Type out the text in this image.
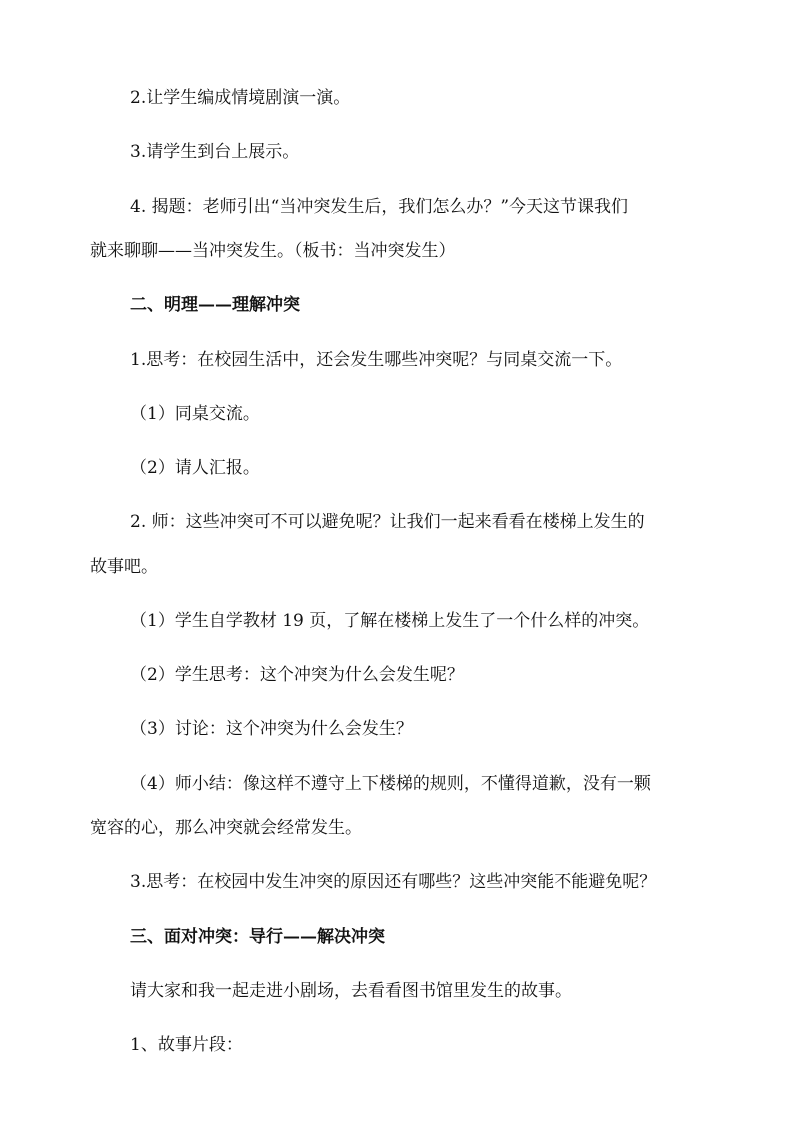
2.让学生编成情境剧演一演。
3.请学生到台上展示。
4. 揭题：老师引出“当冲突发生后，我们怎么办？”今天这节课我们
就来聊聊——当冲突发生。（板书：当冲突发生）
二、明理——理解冲突
1.思考：在校园生活中，还会发生哪些冲突呢？与同桌交流一下。
（1）同桌交流。
（2）请人汇报。
2. 师：这些冲突可不可以避免呢？让我们一起来看看在楼梯上发生的
故事吧。
（1）学生自学教材 19 页，了解在楼梯上发生了一个什么样的冲突。
（2）学生思考：这个冲突为什么会发生呢？
（3）讨论：这个冲突为什么会发生？
（4）师小结：像这样不遵守上下楼梯的规则，不懂得道歉，没有一颗
宽容的心，那么冲突就会经常发生。
3.思考：在校园中发生冲突的原因还有哪些？这些冲突能不能避免呢？
三、面对冲突：导行——解决冲突
请大家和我一起走进小剧场，去看看图书馆里发生的故事。
1、故事片段：
